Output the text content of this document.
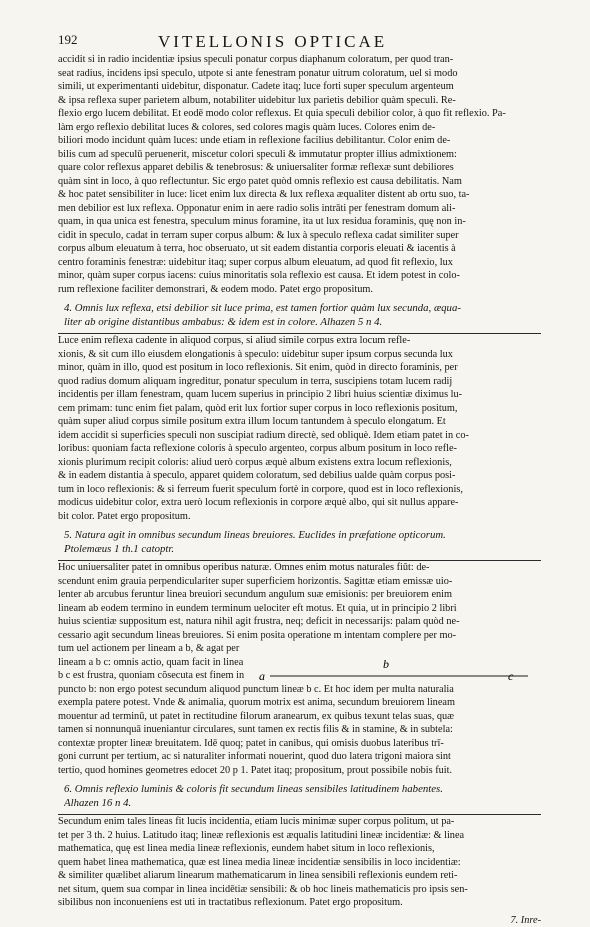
192	VITELLONIS OPTICAE
accidit si in radio incidentiæ ipsius speculi ponatur corpus diaphanum coloratum, per quod tran-
seat radius, incidens ipsi speculo, utpote si ante fenestram ponatur uitrum coloratum, uel si modo
simili, ut experimentanti uidebitur, disponatur. Cadete itaq; luce forti super speculum argenteum
& ipsa reflexa super parietem album, notabiliter uidebitur lux parietis debilior quàm speculi. Re-
flexio ergo lucem debilitat. Et eodē modo color reflexus. Et quia speculi debilior color, à quo fit reflexio. Pa-
làm ergo reflexio debilitat luces & colores, sed colores magis quàm luces. Colores enim de-
biliori modo incidunt quàm luces: unde etiam in reflexione facilius debilitantur. Color enim de-
bilis cum ad speculū peruenerit, miscetur colori speculi & immutatur propter illius admixtionem:
quare color reflexus apparet debilis & tenebrosus: & uniuersaliter formæ reflexæ sunt debiliores
quàm sint in loco, à quo reflectuntur. Sic ergo patet quòd omnis reflexio est causa debilitatis. Nam
& hoc patet sensibiliter in luce: licet enim lux directa & lux reflexa æqualiter distent ab ortu suo, ta-
men debilior est lux reflexa. Opponatur enim in aere radio solis intrāti per fenestram domum ali-
quam, in qua unica est fenestra, speculum minus foramine, ita ut lux residua foraminis, quę non in-
cidit in speculo, cadat in terram super corpus album: & lux à speculo reflexa cadat similiter super
corpus album eleuatum à terra, hoc obseruato, ut sit eadem distantia corporis eleuati & iacentis à
centro foraminis fenestræ: uidebitur itaq; super corpus album eleuatum, ad quod fit reflexio, lux
minor, quàm super corpus iacens: cuius minoritatis sola reflexio est causa. Et idem potest in colo-
rum reflexione faciliter demonstrari, & eodem modo. Patet ergo propositum.
4. Omnis lux reflexa, etsi debilior sit luce prima, est tamen fortior quàm lux secunda, æqua-
liter ab origine distantibus ambabus: & idem est in colore. Alhazen 5 n 4.
Luce enim reflexa cadente in aliquod corpus, si aliud simile corpus extra locum refle-
xionis, & sit cum illo eiusdem elongationis à speculo: uidebitur super ipsum corpus secunda lux
minor, quàm in illo, quod est positum in loco reflexionis. Sit enim, quòd in directo foraminis, per
quod radius domum aliquam ingreditur, ponatur speculum in terra, suscipiens totam lucem radij
incidentis per illam fenestram, quam lucem superius in principio 2 libri huius scientiæ diximus lu-
cem primam: tunc enim fiet palam, quòd erit lux fortior super corpus in loco reflexionis positum,
quàm super aliud corpus simile positum extra illum locum tantundem à speculo elongatum. Et
idem accidit si superficies speculi non suscipiat radium directè, sed obliquè. Idem etiam patet in co-
loribus: quoniam facta reflexione coloris à speculo argenteo, corpus album positum in loco refle-
xionis plurimum recipit coloris: aliud uerò corpus æquè album existens extra locum reflexionis,
& in eadem distantia à speculo, apparet quidem coloratum, sed debilius ualde quàm corpus posi-
tum in loco reflexionis: & si ferreum fuerit speculum fortè in corpore, quod est in loco reflexionis,
modicus uidebitur color, extra uerò locum reflexionis in corpore æquè albo, qui sit nullus appare-
bit color. Patet ergo propositum.
5. Natura agit in omnibus secundum lineas breuiores. Euclides in præfatione opticorum.
Ptolemæus 1 th.1 catoptr.
Hoc uniuersaliter patet in omnibus operibus naturæ. Omnes enim motus naturales fiūt: de-
scendunt enim grauia perpendiculariter super superficiem horizontis. Sagittæ etiam emissæ uio-
lenter ab arcubus feruntur linea breuiori secundum angulum suæ emisionis: per breuiorem enim
lineam ab eodem termino in eundem terminum uelociter eft motus. Et quia, ut in principio 2 libri
huius scientiæ suppositum est, natura nihil agit frustra, neq; deficit in necessarijs: palam quòd ne-
cessario agit secundum lineas breuiores. Si enim posita operatione m intentam complere per mo-
tum uel actionem per lineam a b, & agat per
lineam a b c: omnis actio, quam facit in linea
a
b
c
b c est frustra, quoniam cõsecuta est finem in
puncto b: non ergo potest secundum aliquod punctum lineæ b c. Et hoc idem per multa naturalia
exempla patere potest. Vnde & animalia, quorum motrix est anima, secundum breuiorem lineam
mouentur ad terminū, ut patet in rectitudine filorum aranearum, ex quibus texunt telas suas, quæ
tamen si nonnunquā inueniantur circulares, sunt tamen ex rectis filis & in stamine, & in subtela:
contextæ propter lineæ breuitatem. Idē quoq; patet in canibus, qui omisis duobus lateribus trī-
goni currunt per tertium, ac si naturaliter informati nouerint, quod duo latera trigoni maiora sint
tertio, quod homines geometres edocet 20 p 1. Patet itaq; propositum, prout possibile nobis fuit.
6. Omnis reflexio luminis & coloris fit secundum lineas sensibiles latitudinem habentes.
Alhazen 16 n 4.
Secundum enim tales lineas fit lucis incidentia, etiam lucis minimæ super corpus politum, ut pa-
tet per 3 th. 2 huius. Latitudo itaq; lineæ reflexionis est æqualis latitudini lineæ incidentiæ: & linea
mathematica, quę est linea media lineæ reflexionis, eundem habet situm in loco reflexionis,
quem habet linea mathematica, quæ est linea media lineæ incidentiæ sensibilis in loco incidentiæ:
& similiter quælibet aliarum linearum mathematicarum in linea sensibili reflexionis eundem reti-
net situm, quem sua compar in linea incidētiæ sensibili: & ob hoc lineis mathematicis pro ipsis sen-
sibilibus non inconueniens est uti in tractatibus reflexionum. Patet ergo propositum.
7. Inre-
